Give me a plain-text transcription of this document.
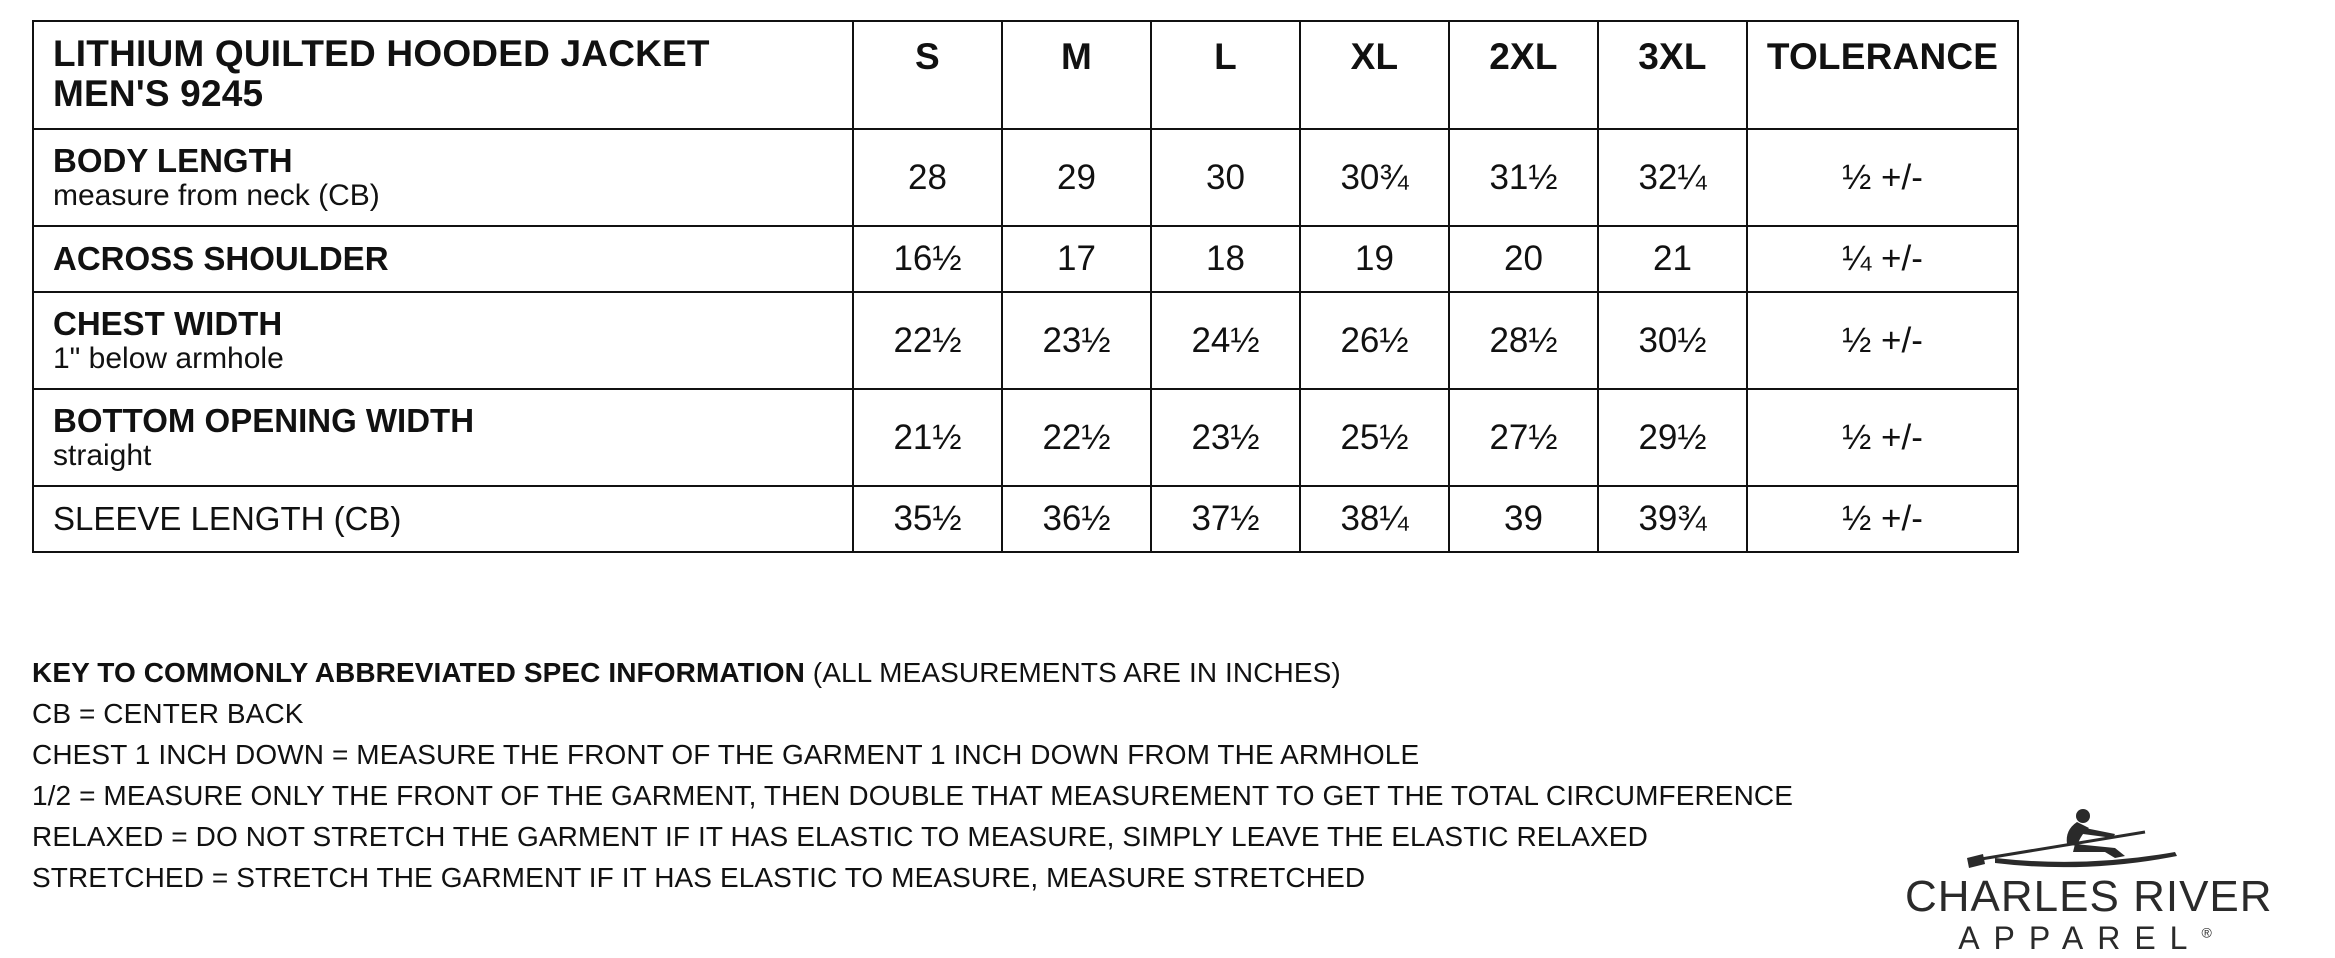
LITHIUM QUILTED HOODED JACKET
MEN'S 9245	S	M	L	XL	2XL	3XL	TOLERANCE

BODY LENGTH
measure from neck (CB)	28	29	30	30¾	31½	32¼	½ +/-

ACROSS SHOULDER	16½	17	18	19	20	21	¼ +/-

CHEST WIDTH
1" below armhole	22½	23½	24½	26½	28½	30½	½ +/-

BOTTOM OPENING WIDTH
straight	21½	22½	23½	25½	27½	29½	½ +/-

SLEEVE LENGTH (CB)	35½	36½	37½	38¼	39	39¾	½ +/-
KEY TO COMMONLY ABBREVIATED SPEC INFORMATION (ALL MEASUREMENTS ARE IN INCHES)
CB = CENTER BACK
CHEST 1 INCH DOWN = MEASURE THE FRONT OF THE GARMENT 1 INCH DOWN FROM THE ARMHOLE
1/2 = MEASURE ONLY THE FRONT OF THE GARMENT, THEN DOUBLE THAT MEASUREMENT TO GET THE TOTAL CIRCUMFERENCE
RELAXED = DO NOT STRETCH THE GARMENT IF IT HAS ELASTIC TO MEASURE, SIMPLY LEAVE THE ELASTIC RELAXED
STRETCHED = STRETCH THE GARMENT IF IT HAS ELASTIC TO MEASURE, MEASURE STRETCHED	CHARLES RIVER
APPAREL®
